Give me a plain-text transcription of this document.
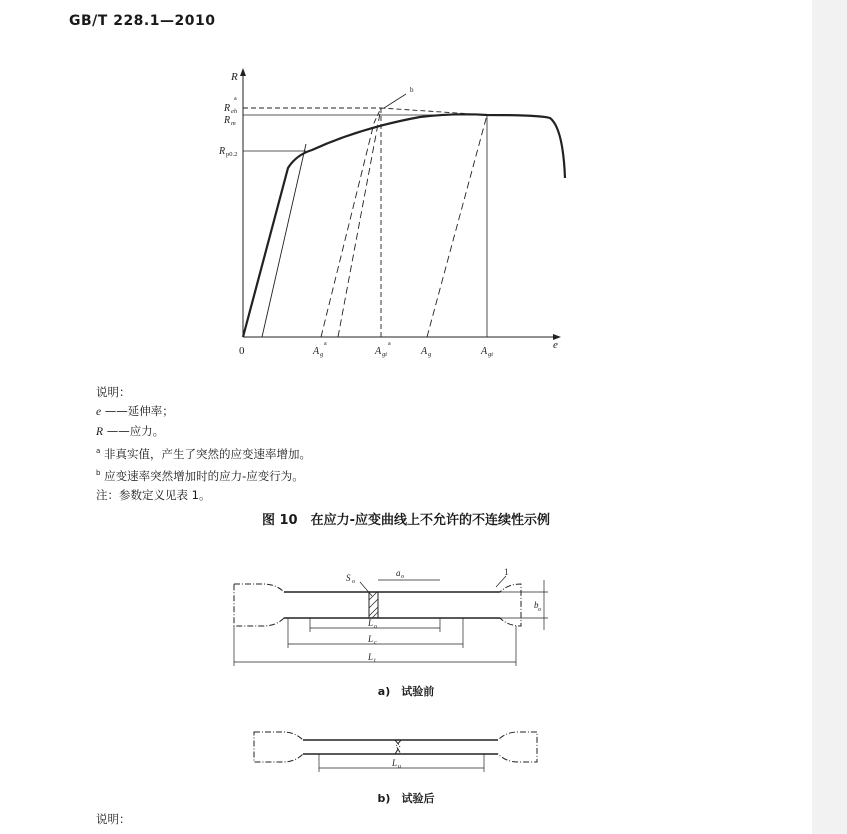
GB/T 228.1—2010
R
e
0
R eh
a
R m
R p0.2
b
A g
a
A gt
a
A g	A gt
说明：
e ——延伸率；
R ——应力。
$^a$ 非真实值，产生了突然的应变速率增加。
$^b$ 应变速率突然增加时的应力-应变行为。
注：参数定义见表 1。
图 10　在应力-应变曲线上不允许的不连续性示例
S o
a o	1
b o
L o
L c
L t
a)　试验前
L u
b)　试验后
说明：
